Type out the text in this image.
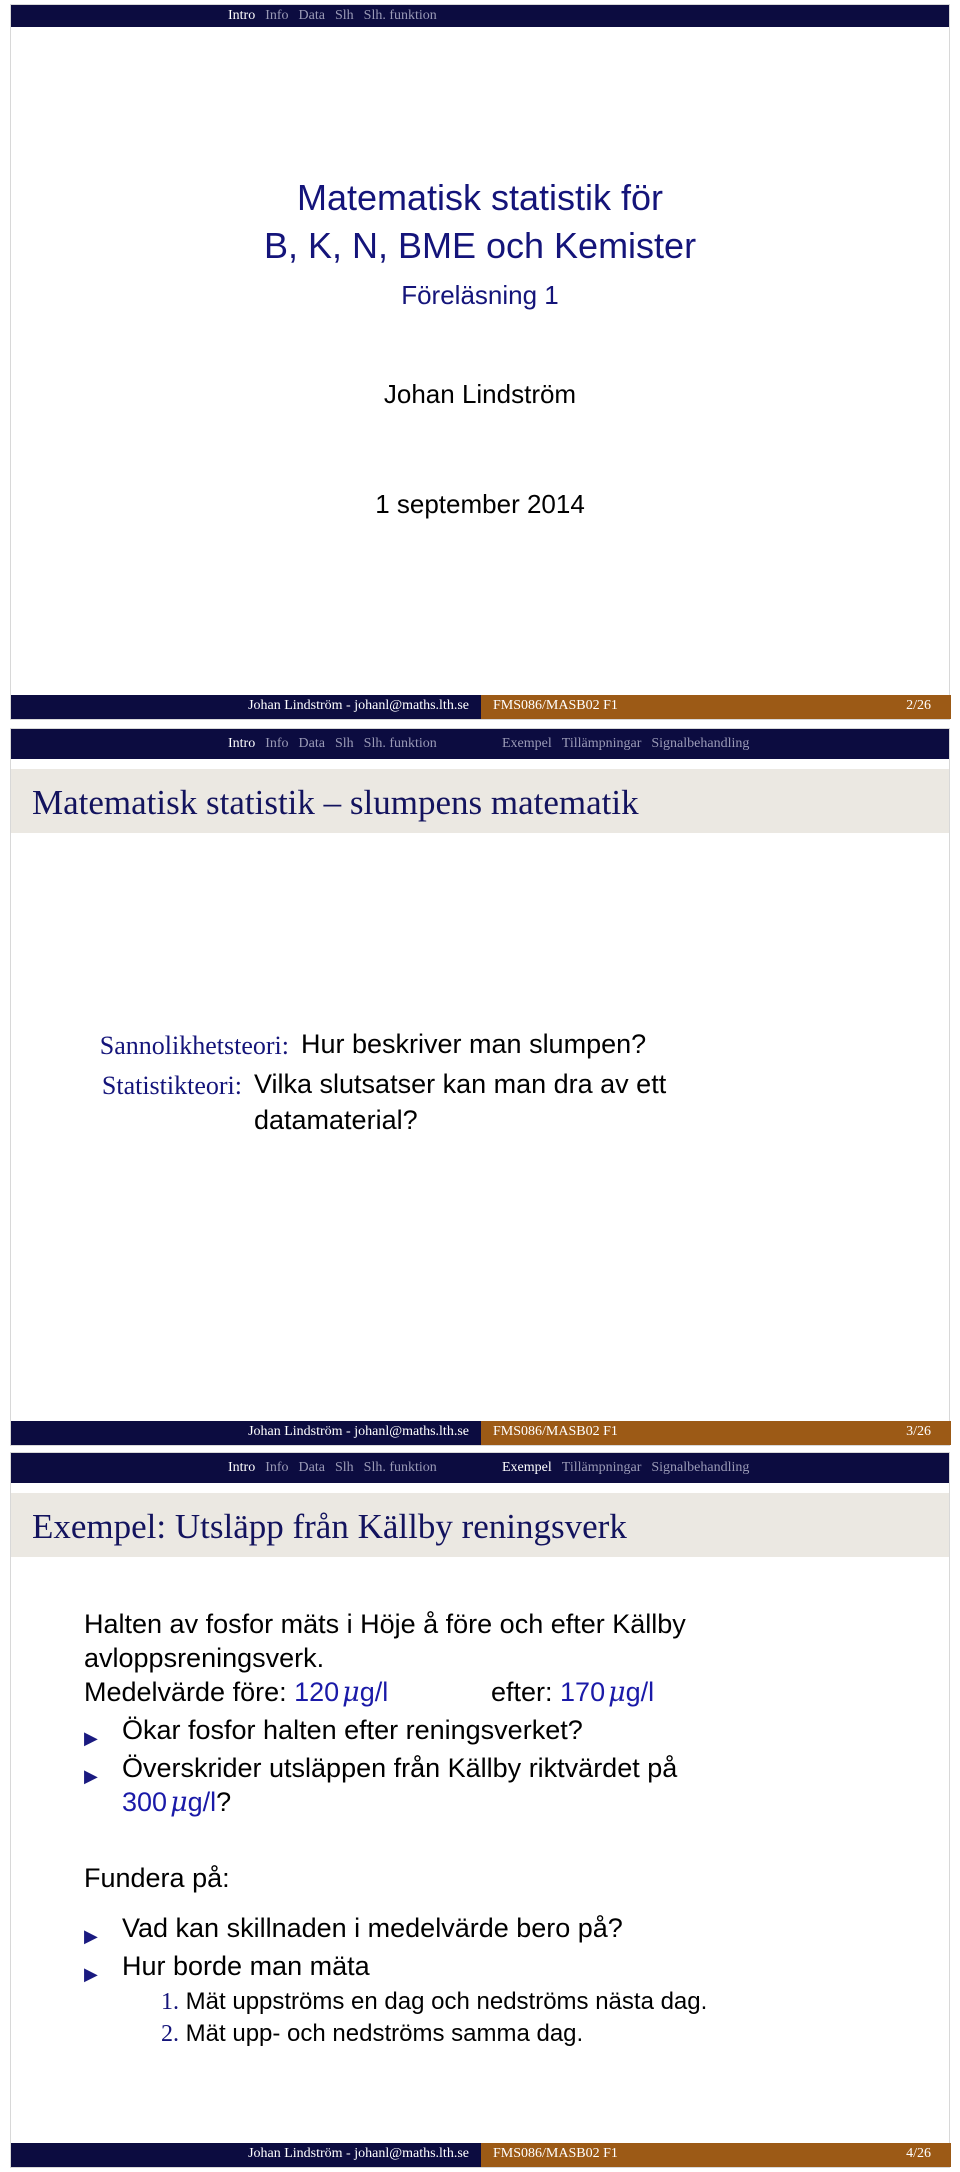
Intro Info Data Slh Slh. funktion
Matematisk statistik för
B, K, N, BME och Kemister
Föreläsning 1
Johan Lindström
1 september 2014
Johan Lindström - johanl@maths.lth.se FMS086/MASB02 F1	2/26
Intro Info Data Slh Slh. funktion	Exempel Tillämpningar Signalbehandling
Matematisk statistik – slumpens matematik
Sannolikhetsteori: Hur beskriver man slumpen?
Statistikteori: Vilka slutsatser kan man dra av ett
datamaterial?
Johan Lindström - johanl@maths.lth.se FMS086/MASB02 F1	3/26
Intro Info Data Slh Slh. funktion	Exempel Tillämpningar Signalbehandling
Exempel: Utsläpp från Källby reningsverk
Halten av fosfor mäts i Höje å före och efter Källby
avloppsreningsverk.
Medelvärde före: 120 μg/l	efter: 170 μg/l
▶ Ökar fosfor halten efter reningsverket?
▶ Överskrider utsläppen från Källby riktvärdet på
300 μg/l?
Fundera på:
▶ Vad kan skillnaden i medelvärde bero på?
▶ Hur borde man mäta
1. Mät uppströms en dag och nedströms nästa dag.
2. Mät upp- och nedströms samma dag.
Johan Lindström - johanl@maths.lth.se FMS086/MASB02 F1	4/26
